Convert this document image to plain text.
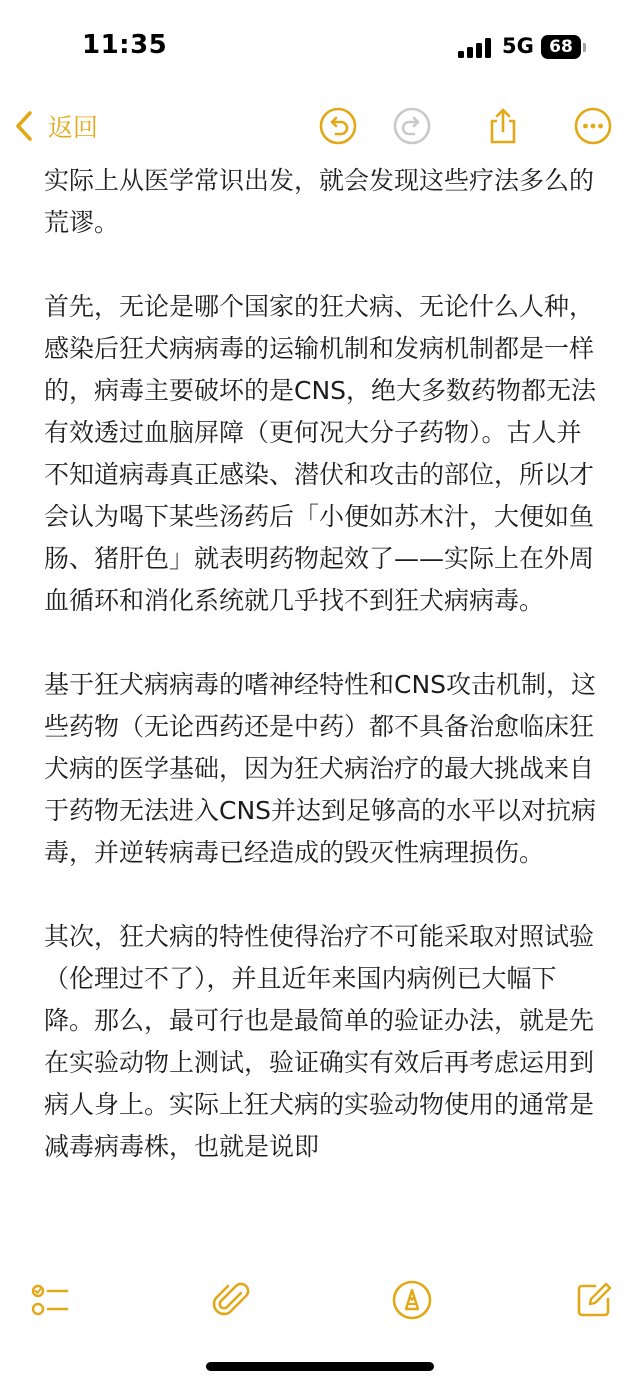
11:35	5G 68
返回

实际上从医学常识出发，就会发现这些疗法多么的荒谬。

首先，无论是哪个国家的狂犬病、无论什么人种，感染后狂犬病病毒的运输机制和发病机制都是一样的，病毒主要破坏的是CNS，绝大多数药物都无法有效透过血脑屏障（更何况大分子药物）。古人并不知道病毒真正感染、潜伏和攻击的部位，所以才会认为喝下某些汤药后「小便如苏木汁，大便如鱼肠、猪肝色」就表明药物起效了——实际上在外周血循环和消化系统就几乎找不到狂犬病病毒。

基于狂犬病病毒的嗜神经特性和CNS攻击机制，这些药物（无论西药还是中药）都不具备治愈临床狂犬病的医学基础，因为狂犬病治疗的最大挑战来自于药物无法进入CNS并达到足够高的水平以对抗病毒，并逆转病毒已经造成的毁灭性病理损伤。

其次，狂犬病的特性使得治疗不可能采取对照试验（伦理过不了），并且近年来国内病例已大幅下降。那么，最可行也是最简单的验证办法，就是先在实验动物上测试，验证确实有效后再考虑运用到病人身上。实际上狂犬病的实验动物使用的通常是减毒病毒株，也就是说即
